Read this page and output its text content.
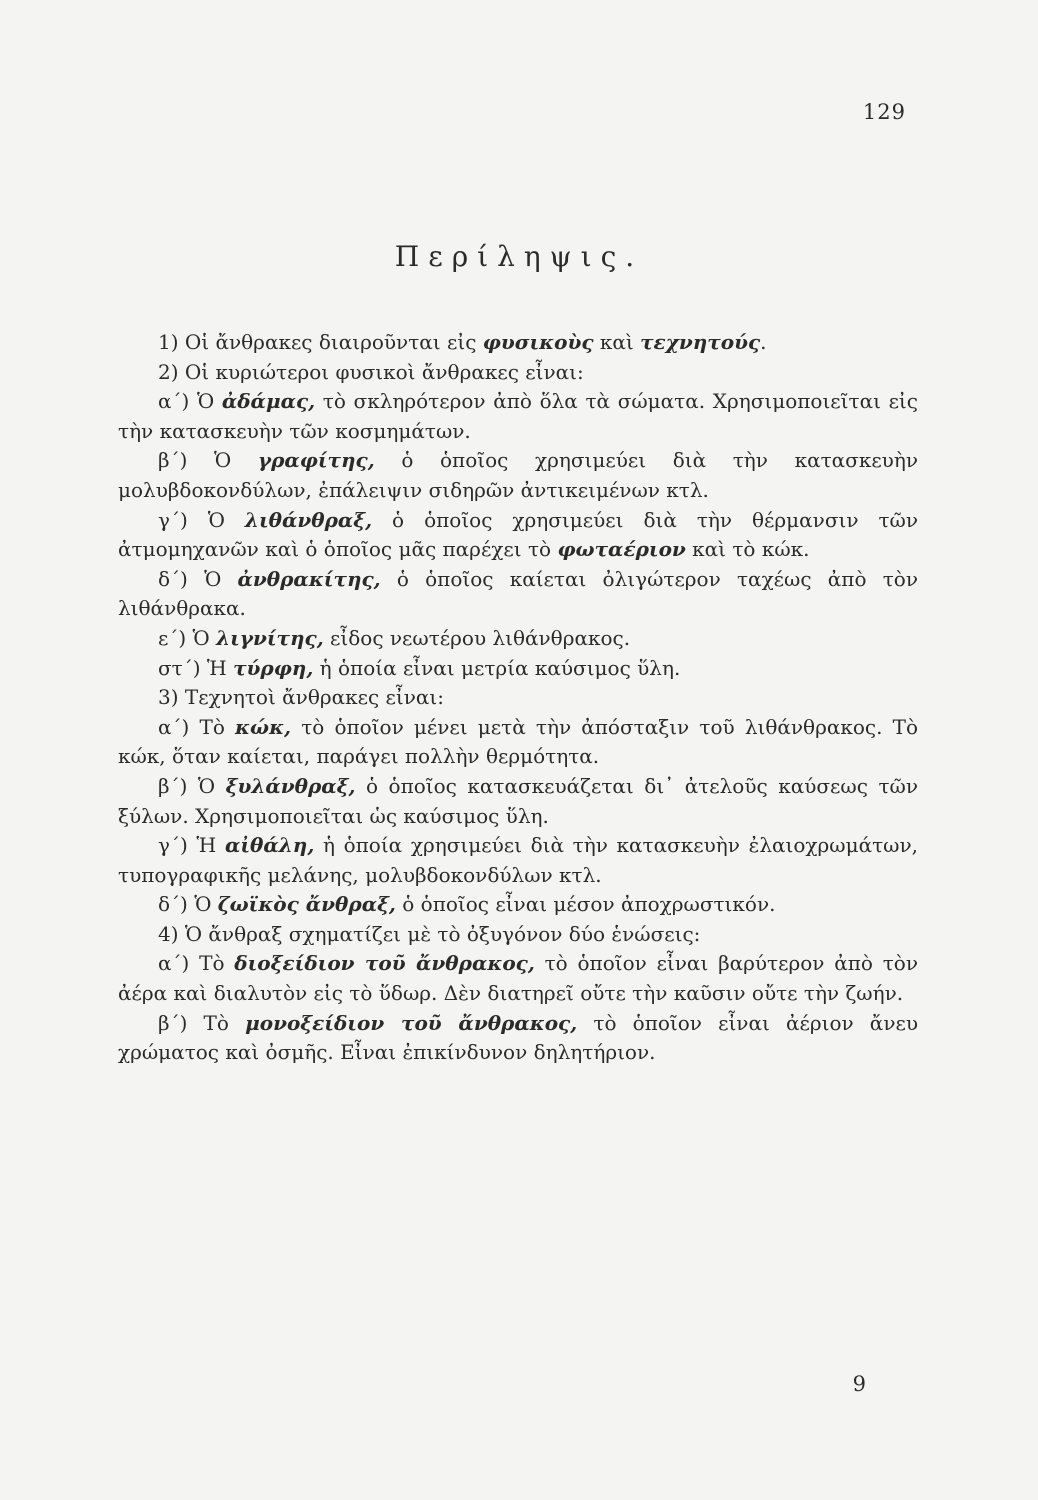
129
Περίληψις.

1) Οἱ ἄνθρακες διαιροῦνται εἰς φυσικοὺς καὶ τεχνητούς.

2) Οἱ κυριώτεροι φυσικοὶ ἄνθρακες εἶναι:

α´) Ὁ ἀδάμας, τὸ σκληρότερον ἀπὸ ὅλα τὰ σώματα. Χρησιμοποιεῖται εἰς τὴν κατασκευὴν τῶν κοσμημάτων.

β´) Ὁ γραφίτης, ὁ ὁποῖος χρησιμεύει διὰ τὴν κατασκευὴν μολυβδοκονδύλων, ἐπάλειψιν σιδηρῶν ἀντικειμένων κτλ.

γ´) Ὁ λιθάνθραξ, ὁ ὁποῖος χρησιμεύει διὰ τὴν θέρμανσιν τῶν ἀτμομηχανῶν καὶ ὁ ὁποῖος μᾶς παρέχει τὸ φωταέριον καὶ τὸ κώκ.

δ´) Ὁ ἀνθρακίτης, ὁ ὁποῖος καίεται ὀλιγώτερον ταχέως ἀπὸ τὸν λιθάνθρακα.

ε´) Ὁ λιγνίτης, εἶδος νεωτέρου λιθάνθρακος.

στ´) Ἡ τύρφη, ἡ ὁποία εἶναι μετρία καύσιμος ὕλη.

3) Τεχνητοὶ ἄνθρακες εἶναι:

α´) Τὸ κώκ, τὸ ὁποῖον μένει μετὰ τὴν ἀπόσταξιν τοῦ λιθάνθρακος. Τὸ κώκ, ὅταν καίεται, παράγει πολλὴν θερμότητα.

β´) Ὁ ξυλάνθραξ, ὁ ὁποῖος κατασκευάζεται δι᾿ ἀτελοῦς καύσεως τῶν ξύλων. Χρησιμοποιεῖται ὡς καύσιμος ὕλη.

γ´) Ἡ αἰθάλη, ἡ ὁποία χρησιμεύει διὰ τὴν κατασκευὴν ἐλαιοχρωμάτων, τυπογραφικῆς μελάνης, μολυβδοκονδύλων κτλ.

δ´) Ὁ ζωϊκὸς ἄνθραξ, ὁ ὁποῖος εἶναι μέσον ἀποχρωστικόν.

4) Ὁ ἄνθραξ σχηματίζει μὲ τὸ ὀξυγόνον δύο ἑνώσεις:

α´) Τὸ διοξείδιον τοῦ ἄνθρακος, τὸ ὁποῖον εἶναι βαρύτερον ἀπὸ τὸν ἀέρα καὶ διαλυτὸν εἰς τὸ ὕδωρ. Δὲν διατηρεῖ οὔτε τὴν καῦσιν οὔτε τὴν ζωήν.

β´) Τὸ μονοξείδιον τοῦ ἄνθρακος, τὸ ὁποῖον εἶναι ἀέριον ἄνευ χρώματος καὶ ὀσμῆς. Εἶναι ἐπικίνδυνον δηλητήριον.

9
